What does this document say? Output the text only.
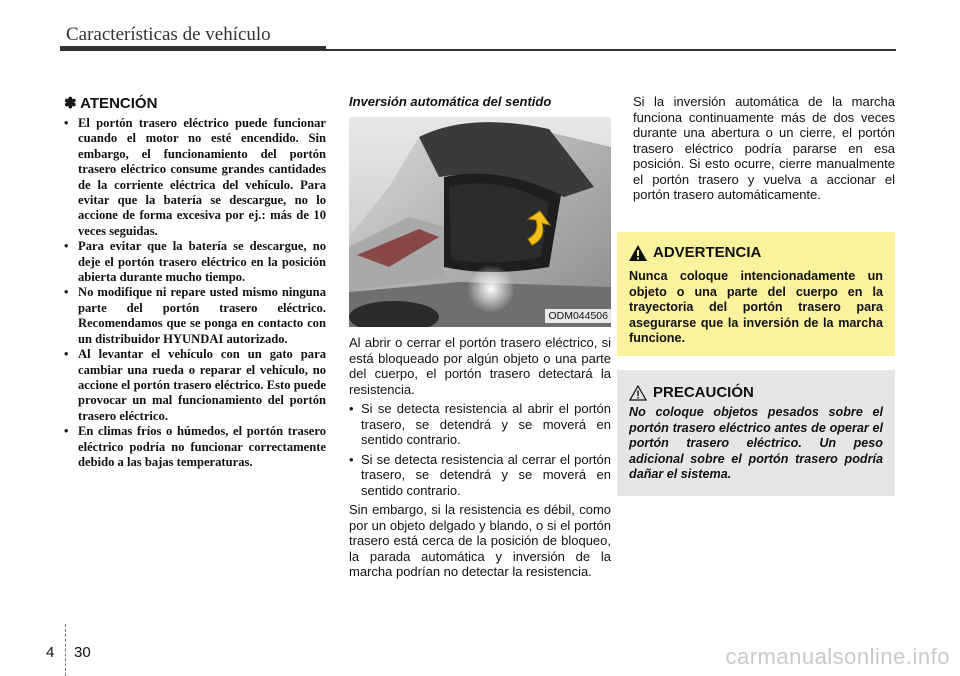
Características de vehículo
✽ ATENCIÓN
• El portón trasero eléctrico puede funcionar cuando el motor no esté encendido. Sin embargo, el funcionamiento del portón trasero eléctrico consume grandes cantidades de la corriente eléctrica del vehículo. Para evitar que la batería se descargue, no lo accione de forma excesiva por ej.: más de 10 veces seguidas.
• Para evitar que la batería se descargue, no deje el portón trasero eléctrico en la posición abierta durante mucho tiempo.
• No modifique ni repare usted mismo ninguna parte del portón trasero eléctrico. Recomendamos que se ponga en contacto con un distribuidor HYUNDAI autorizado.
• Al levantar el vehículo con un gato para cambiar una rueda o reparar el vehículo, no accione el portón trasero eléctrico. Esto puede provocar un mal funcionamiento del portón trasero eléctrico.
• En climas fríos o húmedos, el portón trasero eléctrico podría no funcionar correctamente debido a las bajas temperaturas.
Inversión automática del sentido
ODM044506

Al abrir o cerrar el portón trasero eléctrico, si está bloqueado por algún objeto o una parte del cuerpo, el portón trasero detectará la resistencia.

• Si se detecta resistencia al abrir el portón trasero, se detendrá y se moverá en sentido contrario.
• Si se detecta resistencia al cerrar el portón trasero, se detendrá y se moverá en sentido contrario.

Sin embargo, si la resistencia es débil, como por un objeto delgado y blando, o si el portón trasero está cerca de la posición de bloqueo, la parada automática y inversión de la marcha podrían no detectar la resistencia.

Si la inversión automática de la marcha funciona continuamente más de dos veces durante una abertura o un cierre, el portón trasero eléctrico podría pararse en esa posición. Si esto ocurre, cierre manualmente el portón trasero y vuelva a accionar el portón trasero automáticamente.

ADVERTENCIA
Nunca coloque intencionadamente un objeto o una parte del cuerpo en la trayectoria del portón trasero para asegurarse que la inversión de la marcha funcione.
PRECAUCIÓN
No coloque objetos pesados sobre el portón trasero eléctrico antes de operar el portón trasero eléctrico. Un peso adicional sobre el portón trasero podría dañar el sistema.
4 30	carmanualsonline.info
